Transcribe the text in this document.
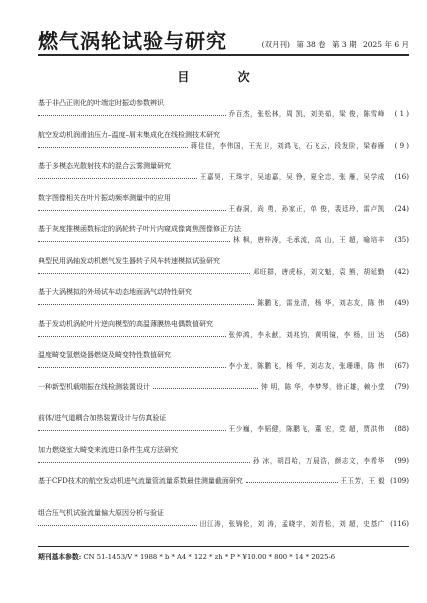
燃气涡轮试验与研究	(双月刊) 第 38 卷 第 3 期 2025 年 6 月
目 次
基于非凸正则化的叶端定时振动参数辨识
乔百杰，张松林，周 凯，刘美茹，梁 俊，陈雪峰	( 1 )
航空发动机润滑油压力–温度–屑末集成化在线检测技术研究
蒋佳佳，李伟国，王光卫，刘鸿飞，石飞云，段发阶，梁春雁	( 9 )
基于多模态光散射技术的混合云雾测量研究
王嘉昊，王珠宇，吴迪嘉，吴 铮，夏全忠，张 雁，吴学成	(16)
数字图像相关在叶片振动频率测量中的应用
王春洞，尚 勇，孙家正，单 俊，裴廷玲，雷卢凯	(24)
基于灰度推模函数标定的涡轮转子叶片内窥成像离焦图像修正方法
林 枫，唐梓涛，毛承流，高 山，王 超，喻培丰	(35)
典型民用涡轴发动机燃气发生器转子风车转速模拟试验研究
邓旺群，唐虎标，刘文魁，袁 熊，胡延勤	(42)
基于大涡模拟的外场试车动态地面涡气动特性研究
陈鹏飞，雷龙清，杨 华，刘志友，陈 伟	(49)
基于发动机涡轮叶片逆向模型的高温薄膜热电偶数值研究
张仲鸿，李永献，刘兆钧，黄明镜，李 杨，田 达	(58)
温度畸变氢燃烧器燃烧及畸变特性数值研究
李小龙，陈鹏飞，杨 华，刘志友，张珊珊，陈 伟	(67)
一种新型机载喘振在线检测装置设计	钟 明，陈 华，李梦琴，徐正雄，赖小堂	(79)
前体/进气道耦合加热装置设计与仿真验证
王少巍，李韬健，陈鹏飞，董 宏，党 超，贾洪伟	(88)
加力燃烧室大畸变来流进口条件生成方法研究
孙 冰，胡昌哈，万晨浩，颜志文，李希华	(99)
基于CFD技术的航空发动机进气流量管流量系数最佳测量截面研究	王玉芳，王 毅 (109)
组合压气机试验流量偏大原因分析与验证
田江涛，张锦伦，刘 涛，孟晓宇，刘青松，刘 超，史基广 (116)
期刊基本参数: CN 51-1453/V * 1988 * b * A4 * 122 * zh * P * ¥10.00 * 800 * 14 * 2025-6
